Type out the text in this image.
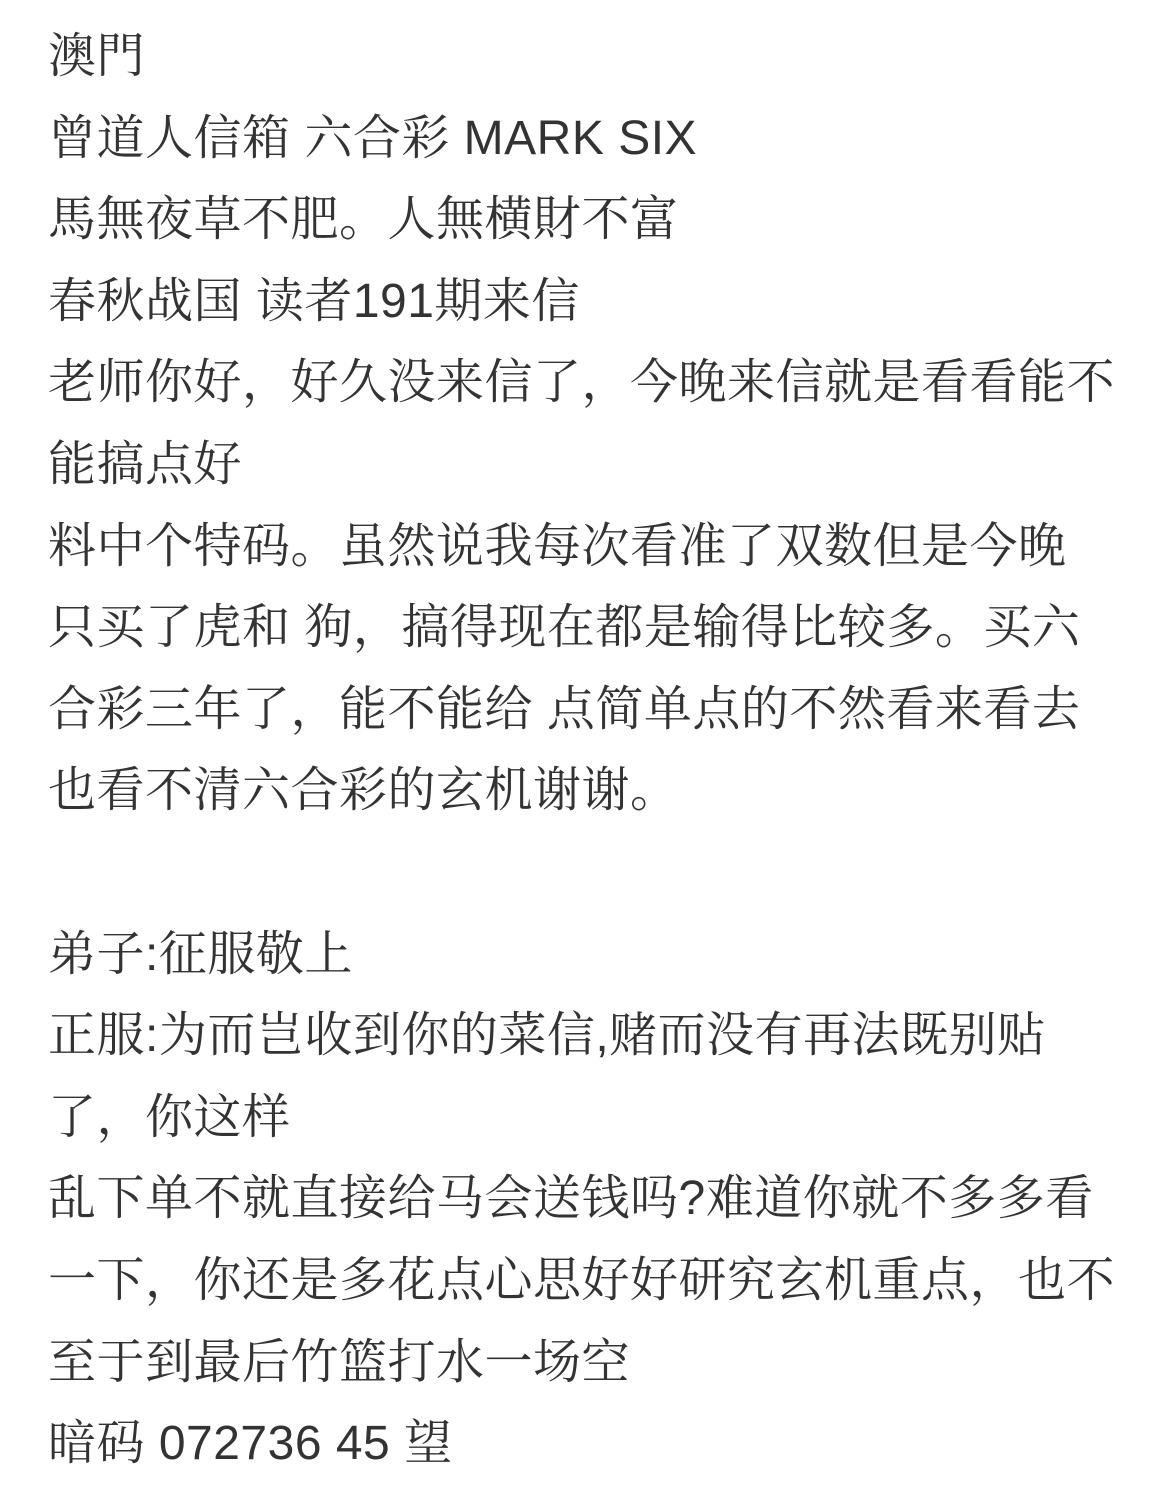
澳門
曾道人信箱 六合彩 MARK SIX
馬無夜草不肥。人無横財不富
春秋战国 读者191期来信
老师你好，好久没来信了，今晚来信就是看看能不
能搞点好
料中个特码。虽然说我每次看准了双数但是今晚
只买了虎和 狗，搞得现在都是输得比较多。买六
合彩三年了，能不能给 点简单点的不然看来看去
也看不清六合彩的玄机谢谢。

弟子:征服敬上
正服:为而岂收到你的菜信,赌而没有再法既别贴
了，你这样
乱下单不就直接给马会送钱吗?难道你就不多多看
一下，你还是多花点心思好好研究玄机重点，也不
至于到最后竹篮打水一场空
暗码 072736 45 望
